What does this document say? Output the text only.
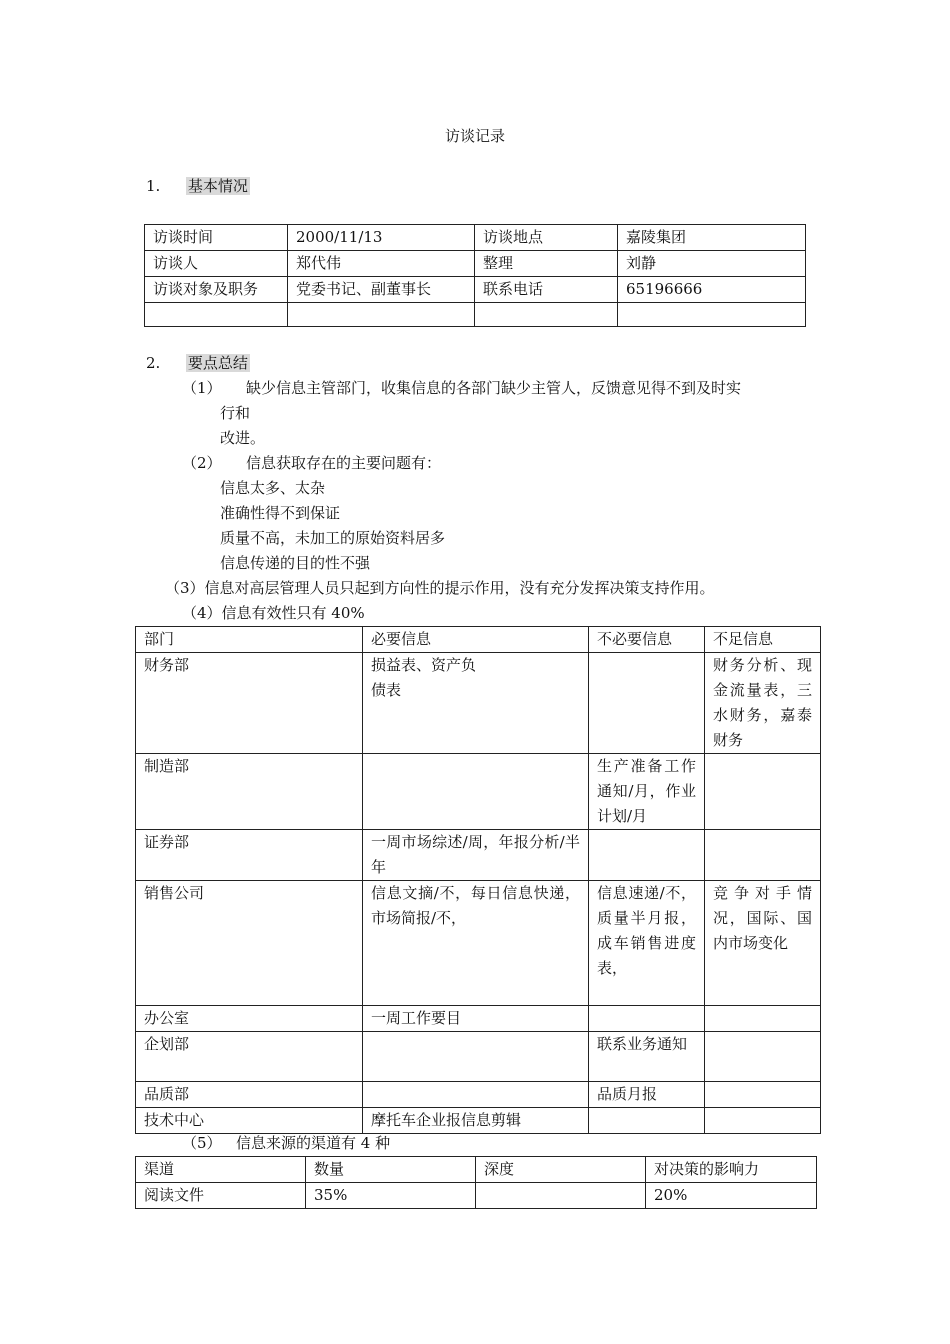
访谈记录
1. 基本情况
访谈时间	2000/11/13	访谈地点	嘉陵集团
访谈人	郑代伟	整理	刘静
访谈对象及职务	党委书记、副董事长	联系电话	65196666

2. 要点总结
（1） 缺少信息主管部门，收集信息的各部门缺少主管人，反馈意见得不到及时实
行和
改进。
（2） 信息获取存在的主要问题有：
信息太多、太杂
准确性得不到保证
质量不高，未加工的原始资料居多
信息传递的目的性不强
（3）信息对高层管理人员只起到方向性的提示作用，没有充分发挥决策支持作用。
（4）信息有效性只有 40%
部门	必要信息	不必要信息	不足信息
财务部	损益表、资产负
债表		财务分析、现金流量表，三水财务，嘉泰财务
制造部		生产准备工作通知/月，作业计划/月	
证券部	一周市场综述/周，年报分析/半年		
销售公司	信息文摘/不，每日信息快递，市场简报/不，	信息速递/不，质量半月报，成车销售进度表，	竞争对手情况，国际、国内市场变化
办公室	一周工作要目		
企划部		联系业务通知	
品质部		品质月报	
技术中心	摩托车企业报信息剪辑		
（5） 信息来源的渠道有 4 种
渠道	数量	深度	对决策的影响力
阅读文件	35%		20%
